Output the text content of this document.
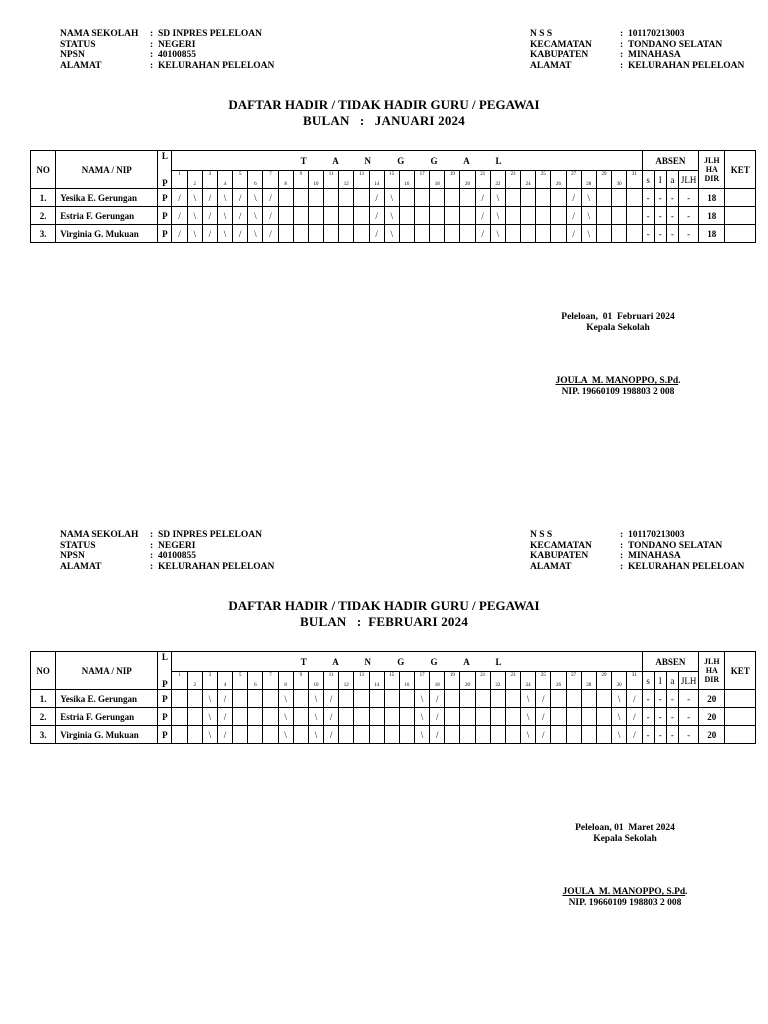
NAMA SEKOLAH	: SD INPRES PELELOAN
STATUS	: NEGERI
NPSN	: 40100855
ALAMAT	: KELURAHAN PELELOAN
N S S	: 101170213003
KECAMATAN	: TONDANO SELATAN
KABUPATEN	: MINAHASA
ALAMAT	: KELURAHAN PELELOAN
DAFTAR HADIR / TIDAK HADIR GURU / PEGAWAI
BULAN   :   JANUARI 2024
NO	NAMA / NIP	L
P	T A N G G A L																															ABSEN				JLH HA DIR	KET

			1	2	3	4	5	6	7	8	9	10	11	12	13	14	15	16	17	18	19	20	21	22	23	24	25	26	27	28	29	30	31	s	I	a	JLH		

1.	Yesika E. Gerungan	P	/	\	/	\	/	\	/							/	\						/	\					/	\				-	-	-	-	18	
2.	Estria F. Gerungan	P	/	\	/	\	/	\	/							/	\						/	\					/	\				-	-	-	-	18	
3.	Virginia G. Mukuan	P	/	\	/	\	/	\	/							/	\						/	\					/	\				-	-	-	-	18	
Peleloan,  01  Februari 2024
Kepala Sekolah
JOULA  M. MANOPPO, S.Pd.
NIP. 19660109 198803 2 008
NAMA SEKOLAH	: SD INPRES PELELOAN
STATUS	: NEGERI
NPSN	: 40100855
ALAMAT	: KELURAHAN PELELOAN
N S S	: 101170213003
KECAMATAN	: TONDANO SELATAN
KABUPATEN	: MINAHASA
ALAMAT	: KELURAHAN PELELOAN
DAFTAR HADIR / TIDAK HADIR GURU / PEGAWAI
BULAN   :  FEBRUARI 2024
NO	NAMA / NIP	L
P	T A N G G A L																															ABSEN				JLH HA DIR	KET

			1	2	3	4	5	6	7	8	9	10	11	12	13	14	15	16	17	18	19	20	21	22	23	24	25	26	27	28	29	30	31	s	I	a	JLH		

1.	Yesika E. Gerungan	P			\	/				\		\	/						\	/						\	/					\	/	-	-	-	-	20	
2.	Estria F. Gerungan	P			\	/				\		\	/						\	/						\	/					\	/	-	-	-	-	20	
3.	Virginia G. Mukuan	P			\	/				\		\	/						\	/						\	/					\	/	-	-	-	-	20	
Peleloan, 01  Maret 2024
Kepala Sekolah
JOULA  M. MANOPPO, S.Pd.
NIP. 19660109 198803 2 008
